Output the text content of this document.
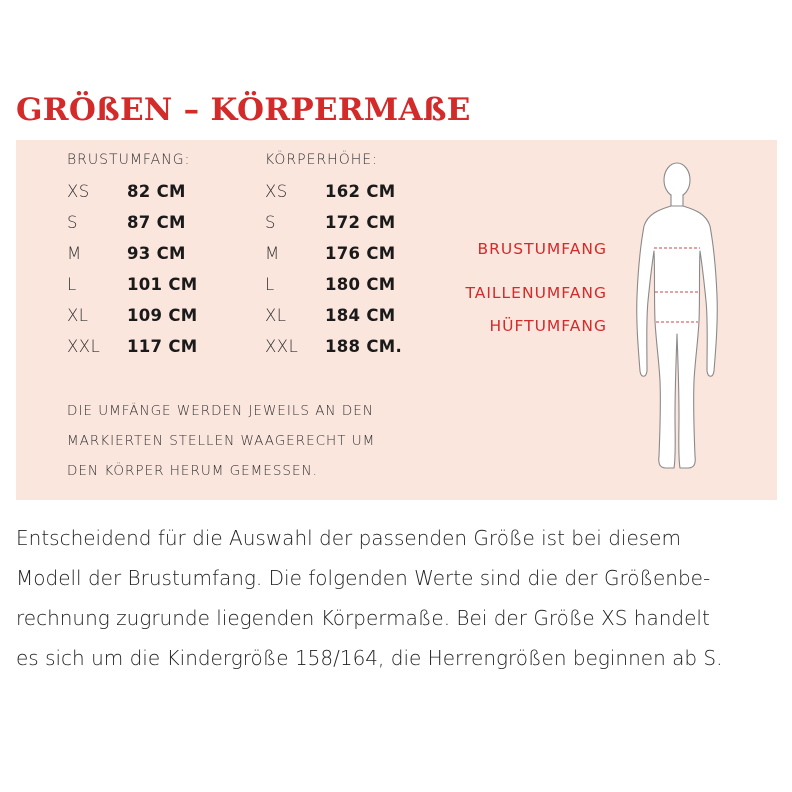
GRÖßEN – KÖRPERMAßE
BRUSTUMFANG:	KÖRPERHÖHE:
XS 82 CM
S	87 CM
M	93 CM
L	101 CM
XL 109 CM
XXL 117 CM
XS 162 CM
S	172 CM
M	176 CM
L	180 CM
XL 184 CM
XXL 188 CM.
DIE UMFÄNGE WERDEN JEWEILS AN DEN
MARKIERTEN STELLEN WAAGERECHT UM
DEN KÖRPER HERUM GEMESSEN.
BRUSTUMFANG
TAILLENUMFANG
HÜFTUMFANG
Entscheidend für die Auswahl der passenden Größe ist bei diesem
Modell der Brustumfang. Die folgenden Werte sind die der Größenbe-
rechnung zugrunde liegenden Körpermaße. Bei der Größe XS handelt
es sich um die Kindergröße 158/164, die Herrengrößen beginnen ab S.
